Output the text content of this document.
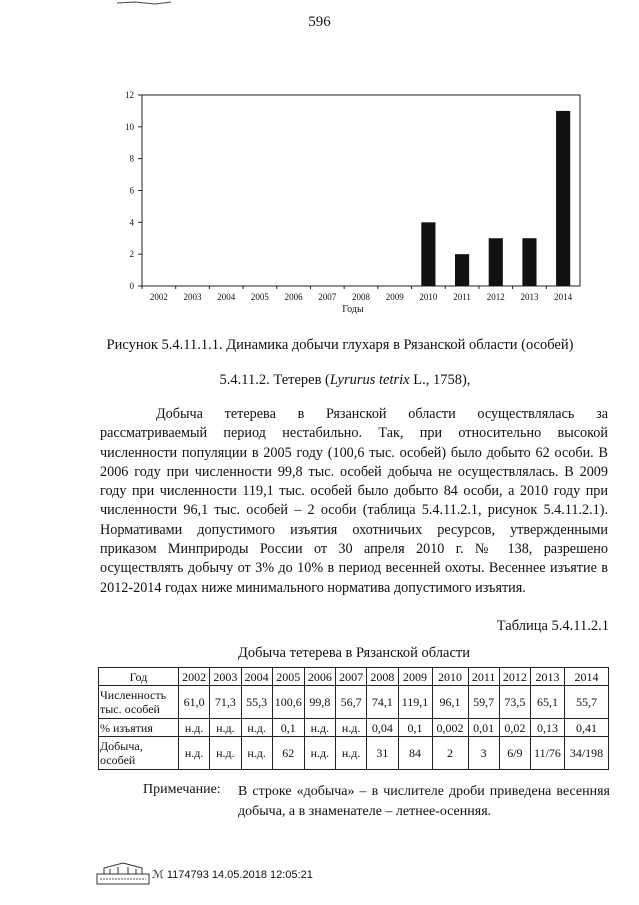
596
0
2
4
6
8
10
12
2002 2003 2004 2005 2006 2007 2008 2009 2010 2011 2012 2013 2014
Годы
Рисунок 5.4.11.1.1. Динамика добычи глухаря в Рязанской области (особей)
5.4.11.2. Тетерев (Lyrurus tetrix L., 1758),
Добыча тетерева в Рязанской области осуществлялась за рассматриваемый период нестабильно. Так, при относительно высокой численности популяции в 2005 году (100,6 тыс. особей) было добыто 62 особи. В 2006 году при численности 99,8 тыс. особей добыча не осуществлялась. В 2009 году при численности 119,1 тыс. особей было добыто 84 особи, а 2010 году при численности 96,1 тыс. особей – 2 особи (таблица 5.4.11.2.1, рисунок 5.4.11.2.1). Нормативами допустимого изъятия охотничьих ресурсов, утвержденными приказом Минприроды России от 30 апреля 2010 г. № 138, разрешено осуществлять добычу от 3% до 10% в период весенней охоты. Весеннее изъятие в 2012-2014 годах ниже минимального норматива допустимого изъятия.
Таблица 5.4.11.2.1
Добыча тетерева в Рязанской области
Год	2002	2003	2004	2005	2006	2007	2008	2009	2010	2011	2012	2013	2014
Численность тыс. особей	61,0	71,3	55,3	100,6	99,8	56,7	74,1	119,1	96,1	59,7	73,5	65,1	55,7
% изъятия	н.д.	н.д.	н.д.	0,1	н.д.	н.д.	0,04	0,1	0,002	0,01	0,02	0,13	0,41
Добыча, особей	н.д.	н.д.	н.д.	62	н.д.	н.д.	31	84	2	3	6/9	11/76	34/198
Примечание: В строке «добыча» – в числителе дроби приведена весенняя добыча, а в знаменателе – летнее-осенняя.
ℳ 1174793 14.05.2018 12:05:21
